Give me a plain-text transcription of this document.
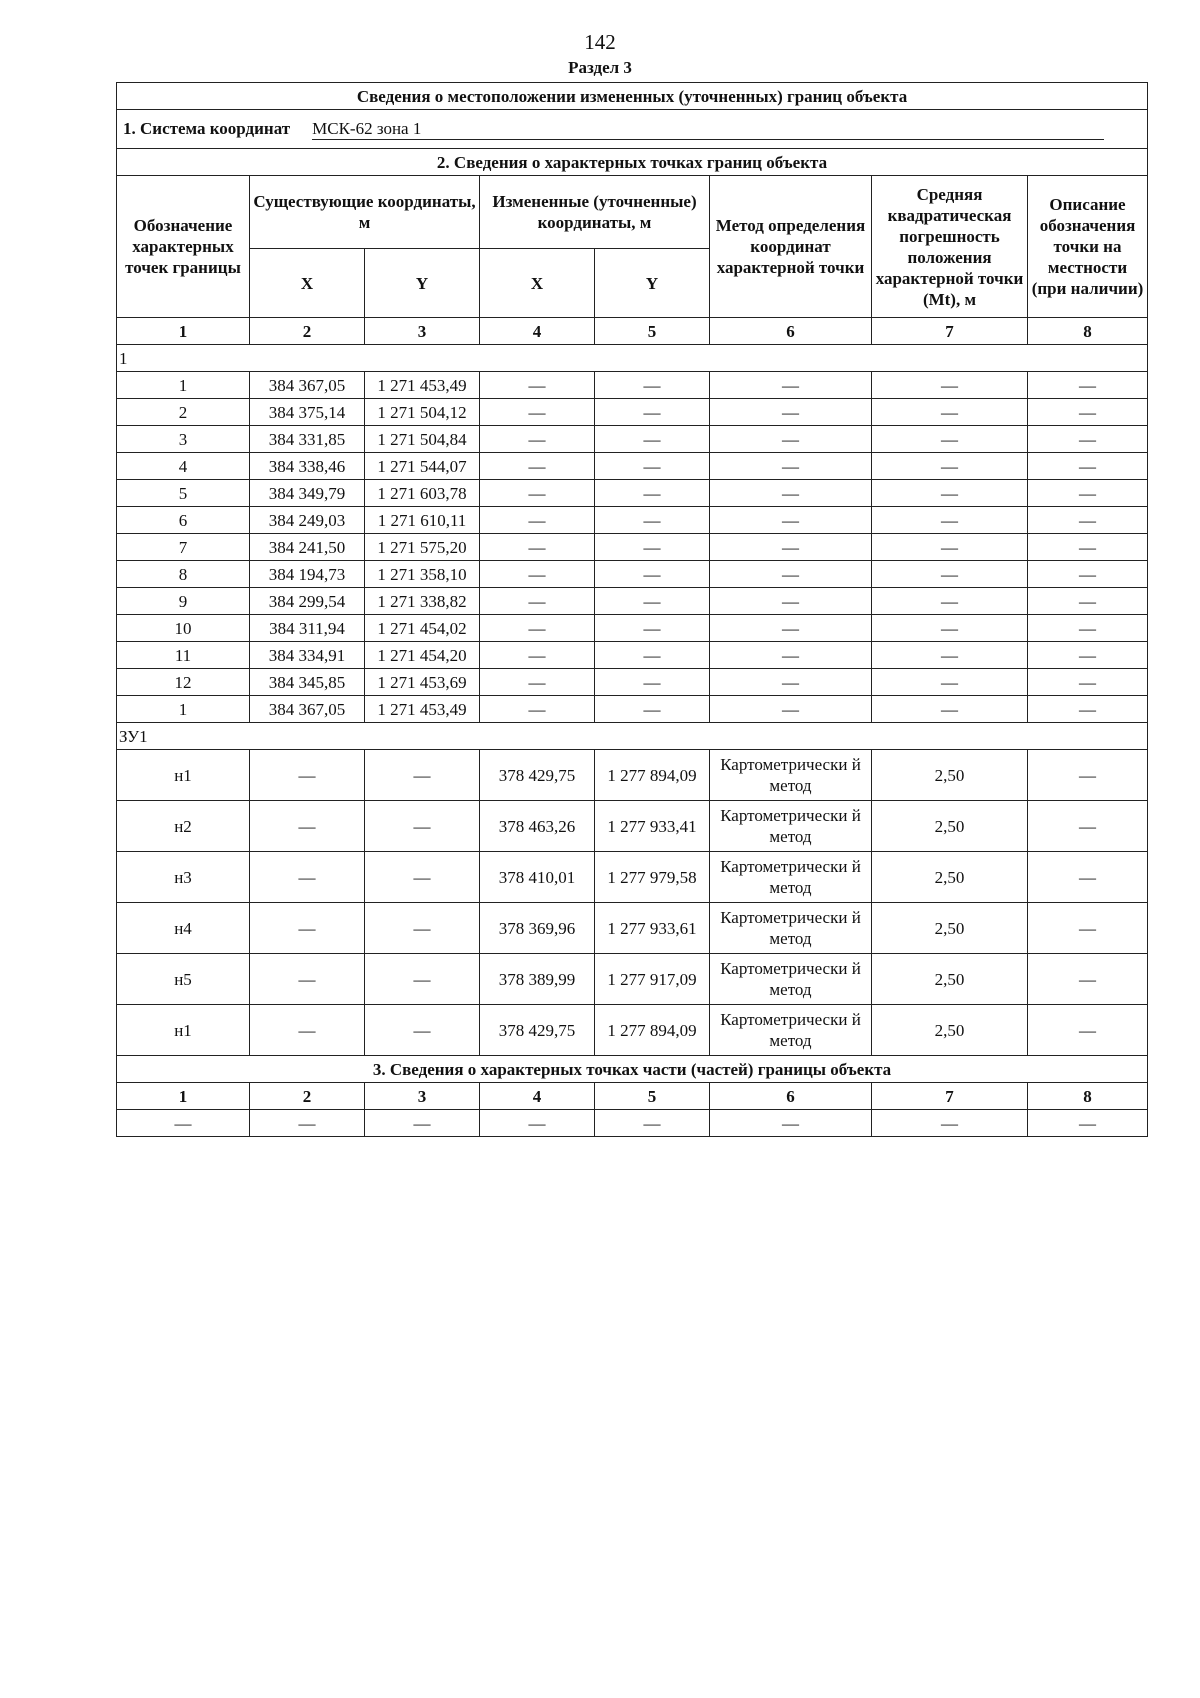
142
Раздел 3
Сведения о местоположении измененных (уточненных) границ объекта							
1. Система координат МСК-62 зона 1							
2. Сведения о характерных точках границ объекта							
Обозначение характерных точек границы	Существующие координаты, м		Измененные (уточненные) координаты, м		Метод определения координат характерной точки	Средняя квадратическая погрешность положения характерной точки (Mt), м	Описание обозначения точки на местности (при наличии)
	X	Y	X	Y			
1	2	3	4	5	6	7	8
1							
1	384 367,05	1 271 453,49	—	—	—	—	—
2	384 375,14	1 271 504,12	—	—	—	—	—
3	384 331,85	1 271 504,84	—	—	—	—	—
4	384 338,46	1 271 544,07	—	—	—	—	—
5	384 349,79	1 271 603,78	—	—	—	—	—
6	384 249,03	1 271 610,11	—	—	—	—	—
7	384 241,50	1 271 575,20	—	—	—	—	—
8	384 194,73	1 271 358,10	—	—	—	—	—
9	384 299,54	1 271 338,82	—	—	—	—	—
10	384 311,94	1 271 454,02	—	—	—	—	—
11	384 334,91	1 271 454,20	—	—	—	—	—
12	384 345,85	1 271 453,69	—	—	—	—	—
1	384 367,05	1 271 453,49	—	—	—	—	—
ЗУ1							
н1	—	—	378 429,75	1 277 894,09	Картометрически й метод	2,50	—
н2	—	—	378 463,26	1 277 933,41	Картометрически й метод	2,50	—
н3	—	—	378 410,01	1 277 979,58	Картометрически й метод	2,50	—
н4	—	—	378 369,96	1 277 933,61	Картометрически й метод	2,50	—
н5	—	—	378 389,99	1 277 917,09	Картометрически й метод	2,50	—
н1	—	—	378 429,75	1 277 894,09	Картометрически й метод	2,50	—
3. Сведения о характерных точках части (частей) границы объекта							
1	2	3	4	5	6	7	8
—	—	—	—	—	—	—	—
